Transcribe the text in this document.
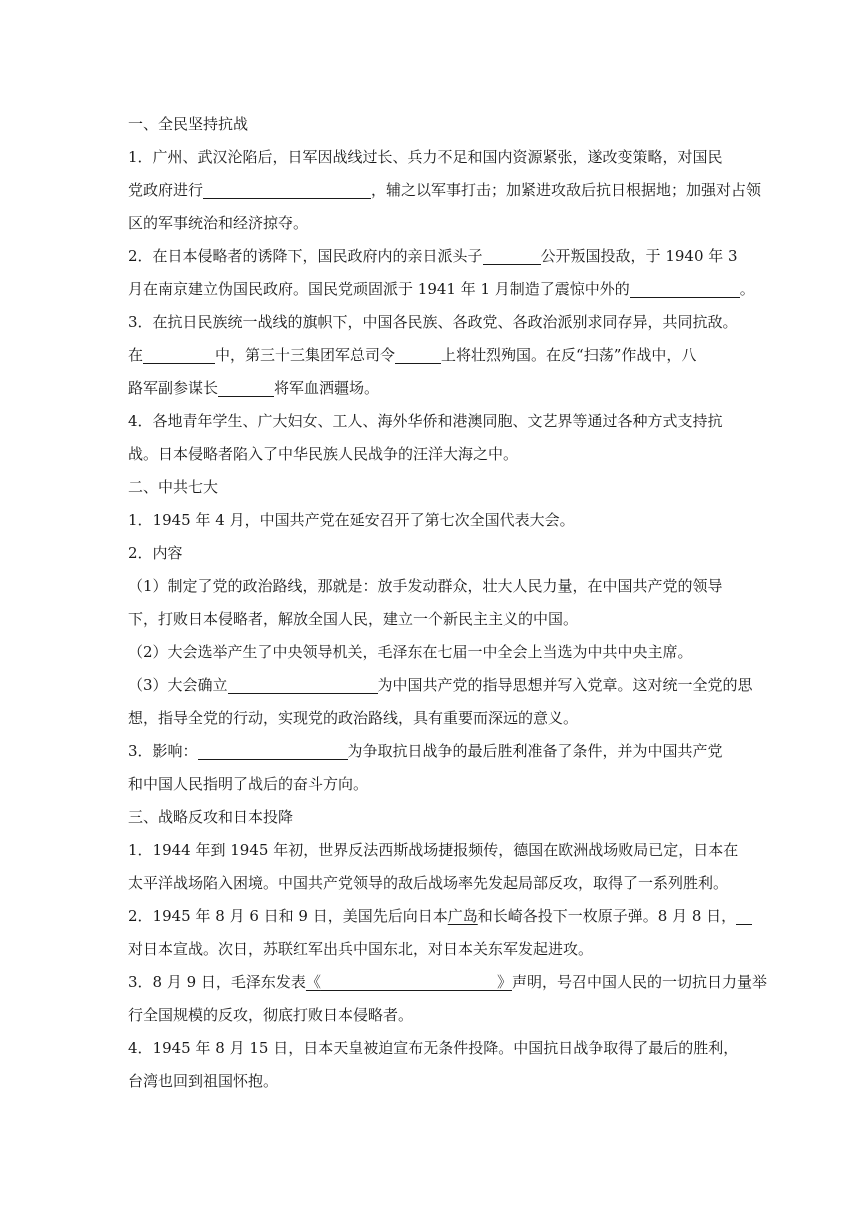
一、全民坚持抗战

1．广州、武汉沦陷后，日军因战线过长、兵力不足和国内资源紧张，遂改变策略，对国民

党政府进行	，辅之以军事打击；加紧进攻敌后抗日根据地；加强对占领

区的军事统治和经济掠夺。

2．在日本侵略者的诱降下，国民政府内的亲日派头子	公开叛国投敌，于 1940 年 3

月在南京建立伪国民政府。国民党顽固派于 1941 年 1 月制造了震惊中外的	。

3．在抗日民族统一战线的旗帜下，中国各民族、各政党、各政治派别求同存异，共同抗敌。

在	中，第三十三集团军总司令	上将壮烈殉国。在反“扫荡”作战中，八

路军副参谋长	将军血洒疆场。

4．各地青年学生、广大妇女、工人、海外华侨和港澳同胞、文艺界等通过各种方式支持抗

战。日本侵略者陷入了中华民族人民战争的汪洋大海之中。

二、中共七大

1．1945 年 4 月，中国共产党在延安召开了第七次全国代表大会。

2．内容

（1）制定了党的政治路线，那就是：放手发动群众，壮大人民力量，在中国共产党的领导

下，打败日本侵略者，解放全国人民，建立一个新民主主义的中国。

（2）大会选举产生了中央领导机关，毛泽东在七届一中全会上当选为中共中央主席。

（3）大会确立	为中国共产党的指导思想并写入党章。这对统一全党的思

想，指导全党的行动，实现党的政治路线，具有重要而深远的意义。

3．影响：	为争取抗日战争的最后胜利准备了条件，并为中国共产党

和中国人民指明了战后的奋斗方向。

三、战略反攻和日本投降

1．1944 年到 1945 年初，世界反法西斯战场捷报频传，德国在欧洲战场败局已定，日本在

太平洋战场陷入困境。中国共产党领导的敌后战场率先发起局部反攻，取得了一系列胜利。

2．1945 年 8 月 6 日和 9 日，美国先后向日本广岛和长崎各投下一枚原子弹。8 月 8 日，

对日本宣战。次日，苏联红军出兵中国东北，对日本关东军发起进攻。

3．8 月 9 日，毛泽东发表《	》声明，号召中国人民的一切抗日力量举

行全国规模的反攻，彻底打败日本侵略者。

4．1945 年 8 月 15 日，日本天皇被迫宣布无条件投降。中国抗日战争取得了最后的胜利，

台湾也回到祖国怀抱。
